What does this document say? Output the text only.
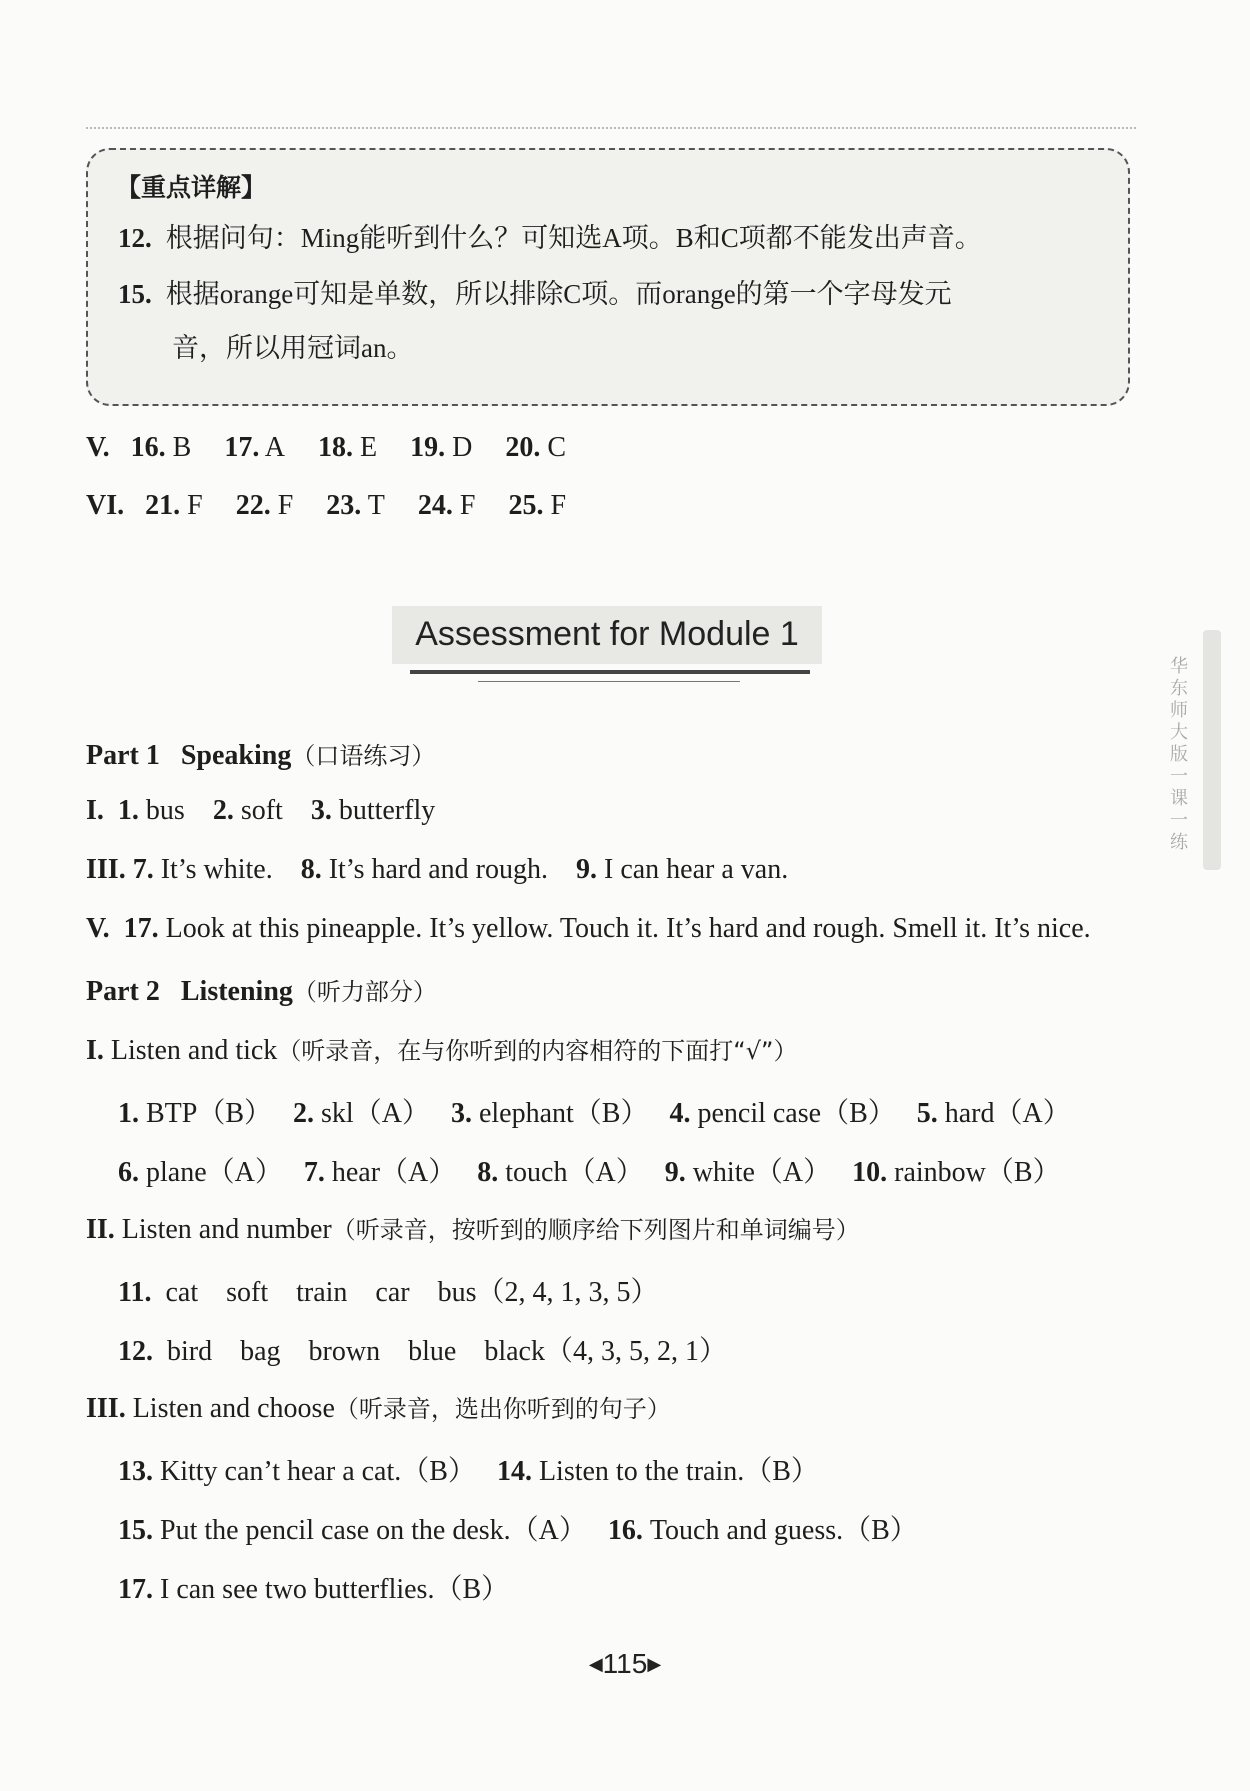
【重点详解】
12. 根据问句：Ming能听到什么？可知选A项。B和C项都不能发出声音。
15. 根据orange可知是单数，所以排除C项。而orange的第一个字母发元
音，所以用冠词an。
V. 16. B 17. A 18. E 19. D 20. C
VI. 21. F 22. F 23. T 24. F 25. F
Assessment for Module 1
华东师大版一课一练
Part 1 Speaking（口语练习）
I. 1. bus 2. soft 3. butterfly
III. 7. It’s white. 8. It’s hard and rough. 9. I can hear a van.
V. 17. Look at this pineapple. It’s yellow. Touch it. It’s hard and rough. Smell it. It’s nice.
Part 2 Listening（听力部分）
I. Listen and tick（听录音，在与你听到的内容相符的下面打“√”）
1. BTP（B） 2. skl（A） 3. elephant（B） 4. pencil case（B） 5. hard（A）
6. plane（A） 7. hear（A） 8. touch（A） 9. white（A） 10. rainbow（B）
II. Listen and number（听录音，按听到的顺序给下列图片和单词编号）
11. cat soft train car bus（2, 4, 1, 3, 5）
12. bird bag brown blue black（4, 3, 5, 2, 1）
III. Listen and choose（听录音，选出你听到的句子）
13. Kitty can’t hear a cat.（B） 14. Listen to the train.（B）
15. Put the pencil case on the desk.（A） 16. Touch and guess.（B）
17. I can see two butterflies.（B）
◀115▶
